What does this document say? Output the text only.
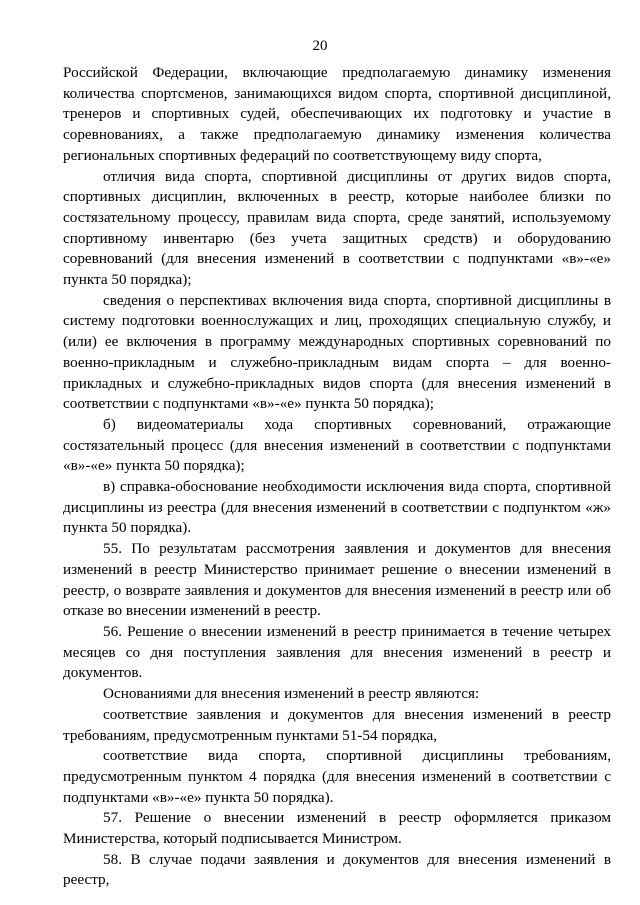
20

Российской Федерации, включающие предполагаемую динамику изменения количества спортсменов, занимающихся видом спорта, спортивной дисциплиной, тренеров и спортивных судей, обеспечивающих их подготовку и участие в соревнованиях, а также предполагаемую динамику изменения количества региональных спортивных федераций по соответствующему виду спорта,

отличия вида спорта, спортивной дисциплины от других видов спорта, спортивных дисциплин, включенных в реестр, которые наиболее близки по состязательному процессу, правилам вида спорта, среде занятий, используемому спортивному инвентарю (без учета защитных средств) и оборудованию соревнований (для внесения изменений в соответствии с подпунктами «в»-«е» пункта 50 порядка);

сведения о перспективах включения вида спорта, спортивной дисциплины в систему подготовки военнослужащих и лиц, проходящих специальную службу, и (или) ее включения в программу международных спортивных соревнований по военно-прикладным и служебно-прикладным видам спорта – для военно-прикладных и служебно-прикладных видов спорта (для внесения изменений в соответствии с подпунктами «в»-«е» пункта 50 порядка);

б) видеоматериалы хода спортивных соревнований, отражающие состязательный процесс (для внесения изменений в соответствии с подпунктами «в»-«е» пункта 50 порядка);

в) справка-обоснование необходимости исключения вида спорта, спортивной дисциплины из реестра (для внесения изменений в соответствии с подпунктом «ж» пункта 50 порядка).

55. По результатам рассмотрения заявления и документов для внесения изменений в реестр Министерство принимает решение о внесении изменений в реестр, о возврате заявления и документов для внесения изменений в реестр или об отказе во внесении изменений в реестр.

56. Решение о внесении изменений в реестр принимается в течение четырех месяцев со дня поступления заявления для внесения изменений в реестр и документов.

Основаниями для внесения изменений в реестр являются:

соответствие заявления и документов для внесения изменений в реестр требованиям, предусмотренным пунктами 51-54 порядка,

соответствие вида спорта, спортивной дисциплины требованиям, предусмотренным пунктом 4 порядка (для внесения изменений в соответствии с подпунктами «в»-«е» пункта 50 порядка).

57. Решение о внесении изменений в реестр оформляется приказом Министерства, который подписывается Министром.

58. В случае подачи заявления и документов для внесения изменений в реестр,
